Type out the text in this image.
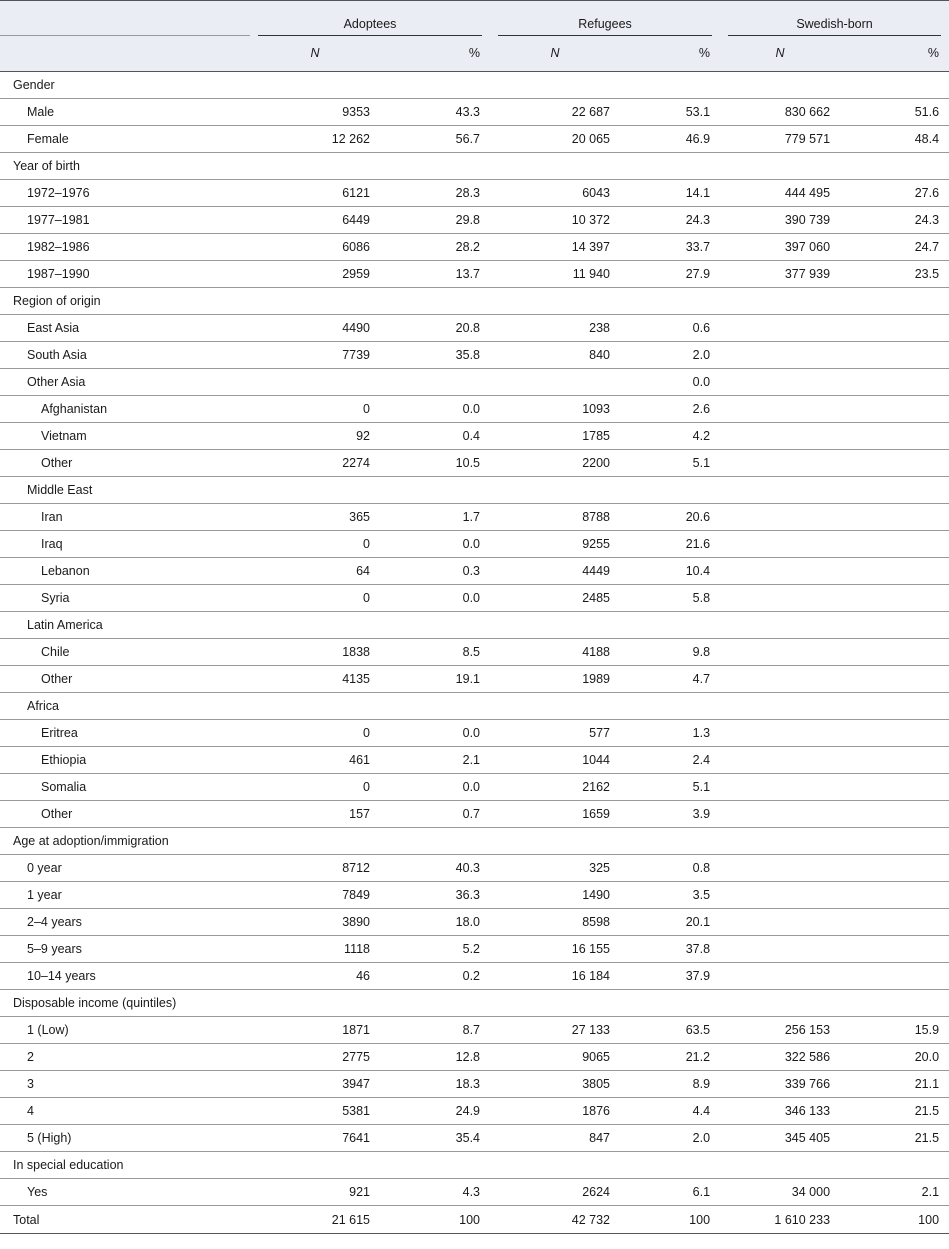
		Adoptees		Refugees		Swedish-born	

		N	%	N	%	N	%
Gender							
Male		9353	43.3	22 687	53.1	830 662	51.6
Female		12 262	56.7	20 065	46.9	779 571	48.4
Year of birth							
1972–1976		6121	28.3	6043	14.1	444 495	27.6
1977–1981		6449	29.8	10 372	24.3	390 739	24.3
1982–1986		6086	28.2	14 397	33.7	397 060	24.7
1987–1990		2959	13.7	11 940	27.9	377 939	23.5
Region of origin							
East Asia		4490	20.8	238	0.6		
South Asia		7739	35.8	840	2.0		
Other Asia					0.0		
Afghanistan		0	0.0	1093	2.6		
Vietnam		92	0.4	1785	4.2		
Other		2274	10.5	2200	5.1		
Middle East							
Iran		365	1.7	8788	20.6		
Iraq		0	0.0	9255	21.6		
Lebanon		64	0.3	4449	10.4		
Syria		0	0.0	2485	5.8		
Latin America							
Chile		1838	8.5	4188	9.8		
Other		4135	19.1	1989	4.7		
Africa							
Eritrea		0	0.0	577	1.3		
Ethiopia		461	2.1	1044	2.4		
Somalia		0	0.0	2162	5.1		
Other		157	0.7	1659	3.9		
Age at adoption/immigration							
0 year		8712	40.3	325	0.8		
1 year		7849	36.3	1490	3.5		
2–4 years		3890	18.0	8598	20.1		
5–9 years		1118	5.2	16 155	37.8		
10–14 years		46	0.2	16 184	37.9		
Disposable income (quintiles)							
1 (Low)		1871	8.7	27 133	63.5	256 153	15.9
2		2775	12.8	9065	21.2	322 586	20.0
3		3947	18.3	3805	8.9	339 766	21.1
4		5381	24.9	1876	4.4	346 133	21.5
5 (High)		7641	35.4	847	2.0	345 405	21.5
In special education							
Yes		921	4.3	2624	6.1	34 000	2.1
Total		21 615	100	42 732	100	1 610 233	100
